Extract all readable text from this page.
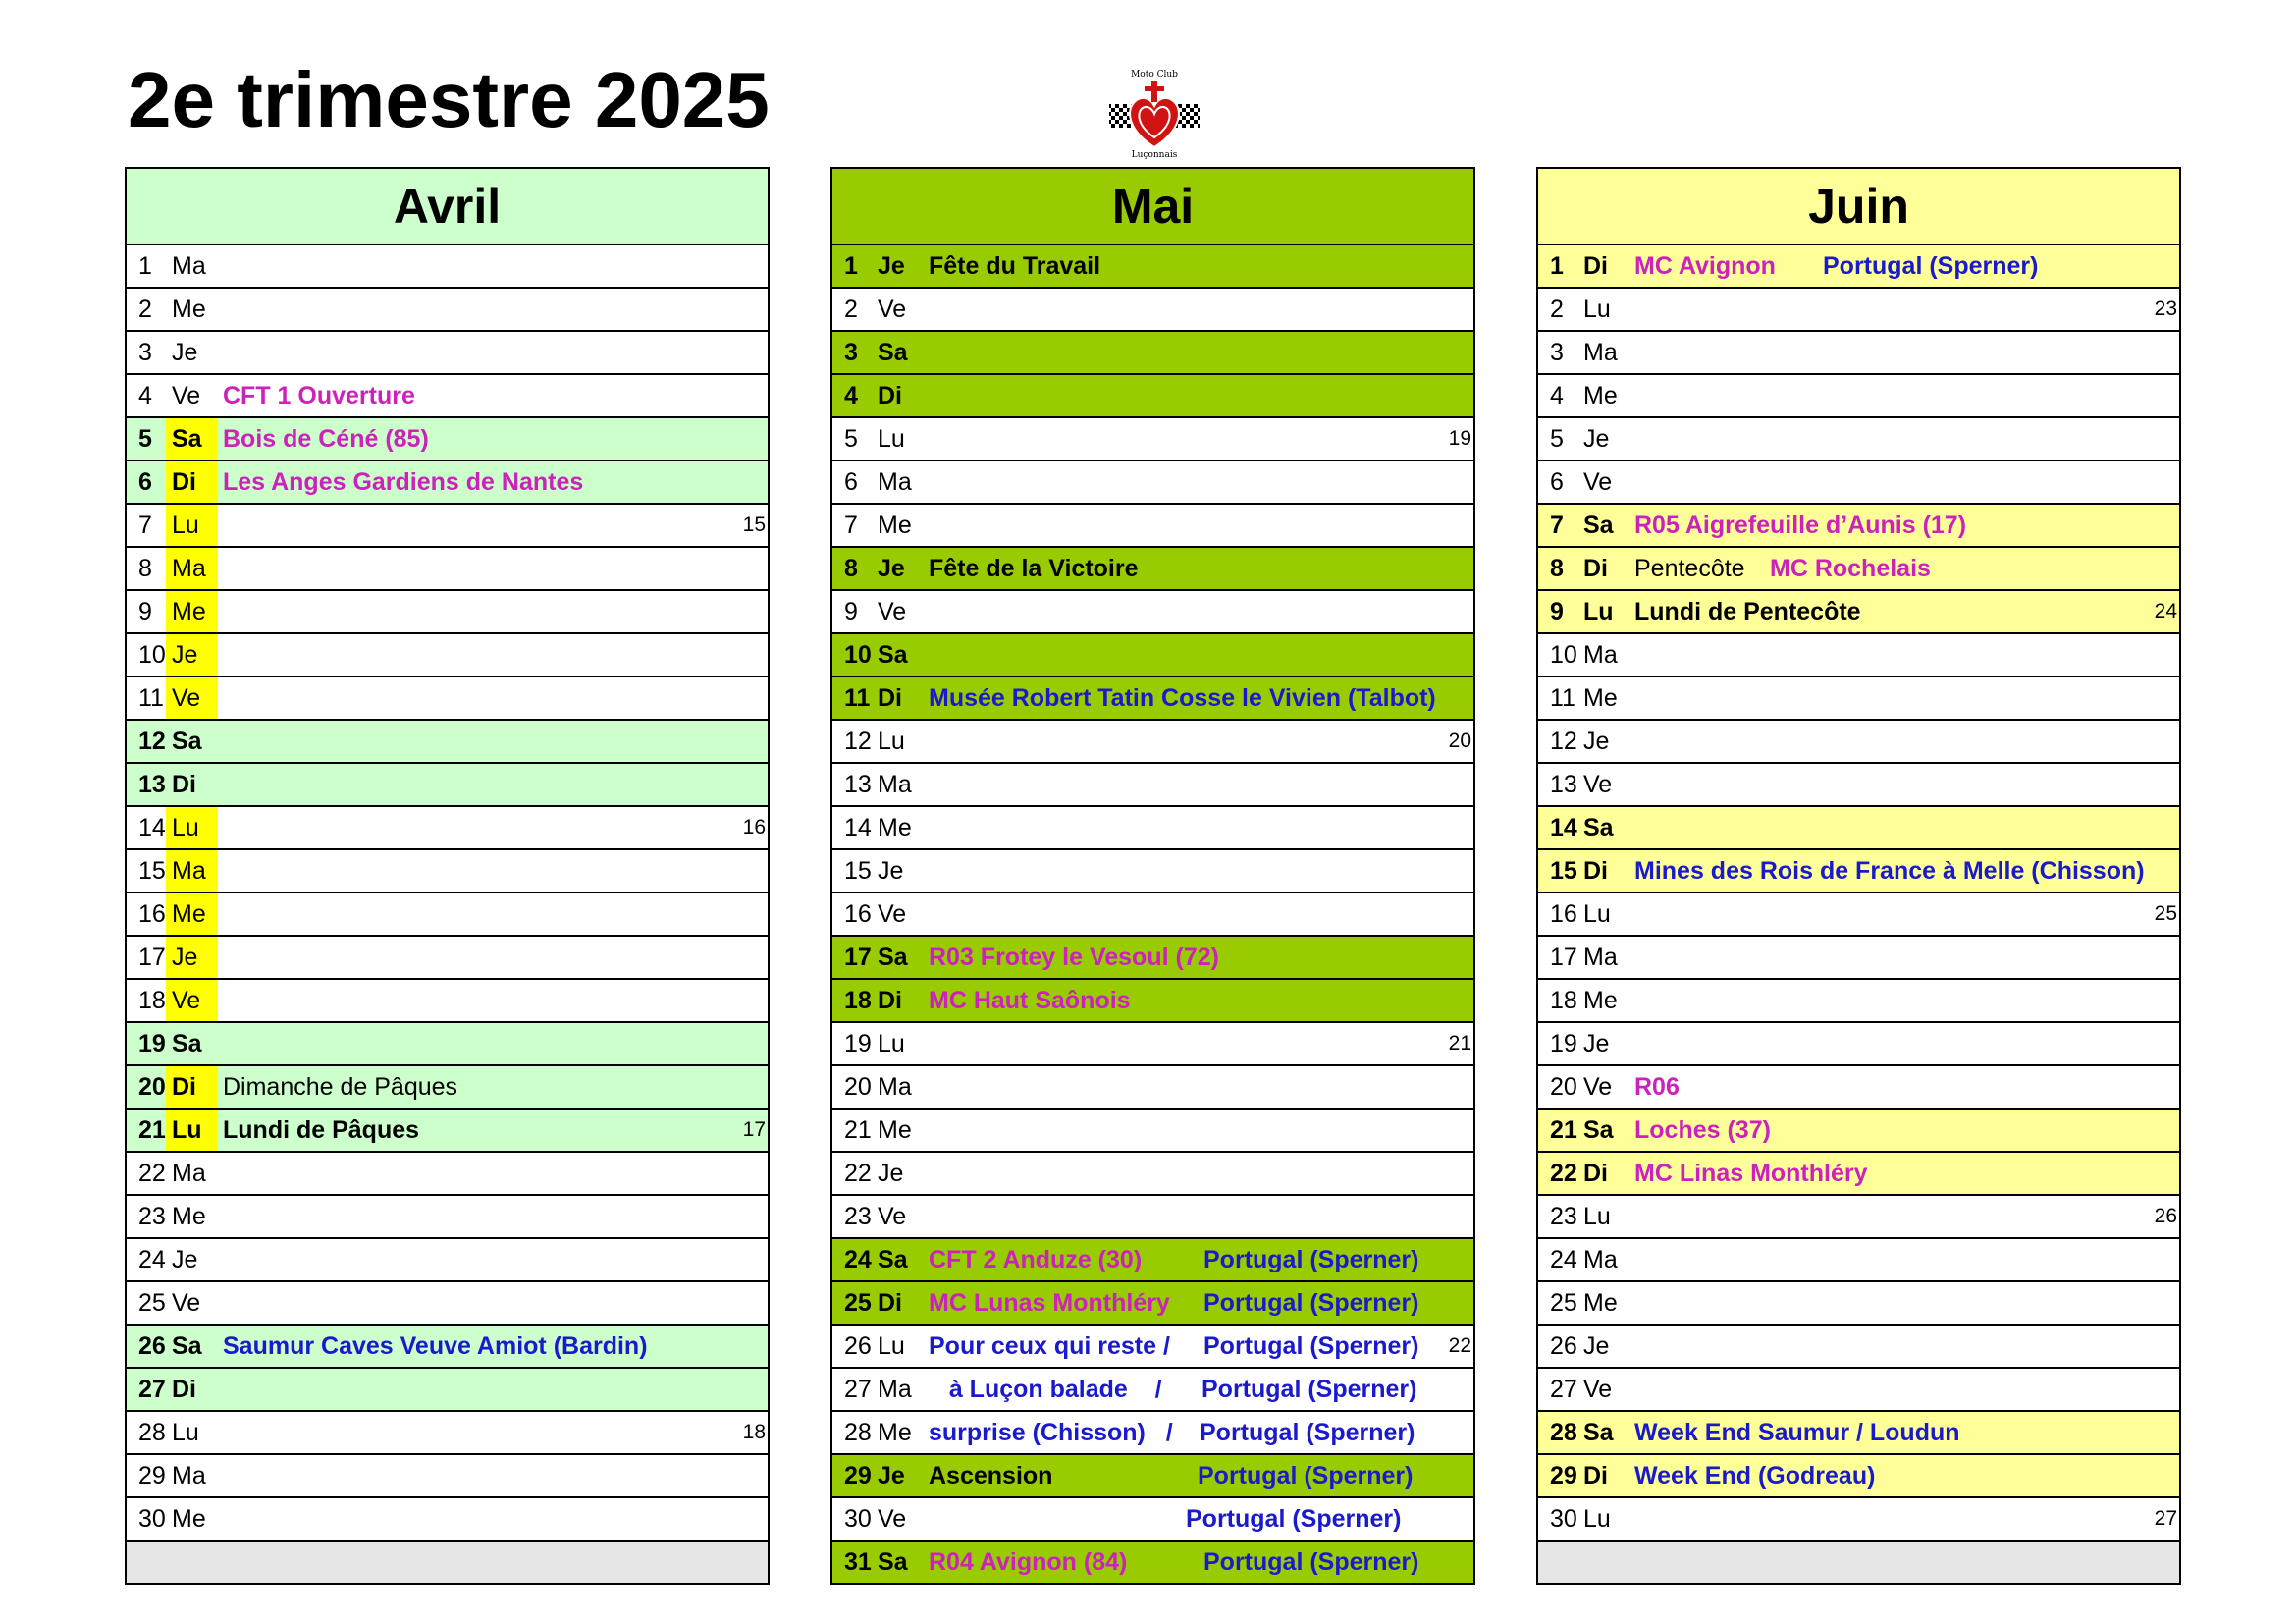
2e trimestre 2025	Moto Club
Luçonnais
Avril
1 Ma
2 Me
3 Je
4 Ve CFT 1 Ouverture
5 Sa Bois de Céné (85)
6 Di	Les Anges Gardiens de Nantes
7 Lu	15
8 Ma
9 Me
10 Je
11 Ve
12 Sa
13 Di
14 Lu	16
15 Ma
16 Me
17 Je
18 Ve
19 Sa
20 Di	Dimanche de Pâques
21 Lu Lundi de Pâques	17
22 Ma
23 Me
24 Je
25 Ve
26 Sa Saumur Caves Veuve Amiot (Bardin)
27 Di
28 Lu	18
29 Ma
30 Me
Mai
1 Je Fête du Travail
2 Ve
3 Sa
4 Di
5 Lu	19
6 Ma
7 Me
8 Je Fête de la Victoire
9 Ve
10 Sa
11 Di	Musée Robert Tatin Cosse le Vivien (Talbot)
12 Lu	20
13 Ma
14 Me
15 Je
16 Ve
17 Sa R03 Frotey le Vesoul (72)
18 Di	MC Haut Saônois
19 Lu	21
20 Ma
21 Me
22 Je
23 Ve
24 Sa CFT 2 Anduze (30)	Portugal (Sperner)
25 Di	MC Lunas Monthléry Portugal (Sperner)
26 Lu Pour ceux qui reste / Portugal (Sperner) 22
27 Ma à Luçon balade    / Portugal (Sperner)
28 Me surprise (Chisson)   / Portugal (Sperner)
29 Je Ascension	Portugal (Sperner)
30 Ve	Portugal (Sperner)
31 Sa R04 Avignon (84)	Portugal (Sperner)
Juin
1 Di	MC Avignon Portugal (Sperner)
2 Lu	23
3 Ma
4 Me
5 Je
6 Ve
7 Sa R05 Aigrefeuille d’Aunis (17)
8 Di	Pentecôte MC Rochelais
9 Lu Lundi de Pentecôte	24
10 Ma
11 Me
12 Je
13 Ve
14 Sa
15 Di	Mines des Rois de France à Melle (Chisson)
16 Lu	25
17 Ma
18 Me
19 Je
20 Ve R06
21 Sa Loches (37)
22 Di	MC Linas Monthléry
23 Lu	26
24 Ma
25 Me
26 Je
27 Ve
28 Sa Week End Saumur / Loudun
29 Di	Week End (Godreau)
30 Lu	27
